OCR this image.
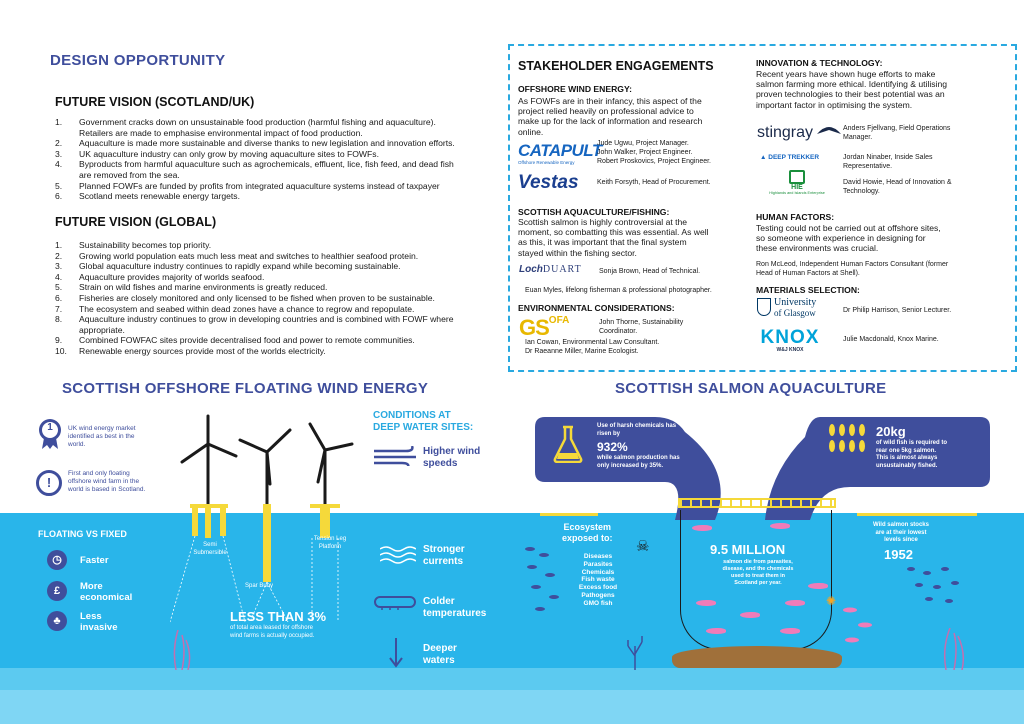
DESIGN OPPORTUNITY
FUTURE VISION (SCOTLAND/UK)
1.	Government cracks down on unsustainable food production (harmful fishing and aquaculture).
Retailers are made to emphasise environmental impact of food production.
2.	Aquaculture is made more sustainable and diverse thanks to new legislation and innovation efforts.
3.	UK aquaculture industry can only grow by moving aquaculture sites to FOWFs.
4.	Byproducts from harmful aquaculture such as agrochemicals, effluent, lice, fish feed, and dead fish
are removed from the sea.
5.	Planned FOWFs are funded by profits from integrated aquaculture systems instead of taxpayer
6.	Scotland meets renewable energy targets.
FUTURE VISION (GLOBAL)
1.	Sustainability becomes top priority.
2.	Growing world population eats much less meat and switches to healthier seafood protein.
3.	Global aquaculture industry continues to rapidly expand while becoming sustainable.
4.	Aquaculture provides majority of worlds seafood.
5.	Strain on wild fishes and marine environments is greatly reduced.
6.	Fisheries are closely monitored and only licensed to be fished when proven to be sustainable.
7.	The ecosystem and seabed within dead zones have a chance to regrow and repopulate.
8.	Aquaculture industry continues to grow in developing countries and is combined with FOWF where
appropriate.
9.	Combined FOWFAC sites provide decentralised food and power to remote communities.
10.	Renewable energy sources provide most of the worlds electricity.
STAKEHOLDER ENGAGEMENTS
OFFSHORE WIND ENERGY:
As FOWFs are in their infancy, this aspect of the
project relied heavily on professional advice to
make up for the lack of information and research
online.
CATAPULT
Offshore Renewable Energy
Jude Ugwu, Project Manager.
John Walker, Project Engineer.
Robert Proskovics, Project Engineer.
Vestas	Keith Forsyth, Head of Procurement.
SCOTTISH AQUACULTURE/FISHING:
Scottish salmon is highly controversial at the
moment, so combatting this was essential. As well
as this, it was important that the final system
stayed within the fishing sector.
LochDUART Sonja Brown, Head of Technical.
Euan Myles, lifelong fisherman & professional photographer.
ENVIRONMENTAL CONSIDERATIONS:
$GS^{OFA}$	John Thorne, Sustainability
Coordinator.
Ian Cowan, Environmental Law Consultant.
Dr Raeanne Miller, Marine Ecologist.
INNOVATION & TECHNOLOGY:
Recent years have shown huge efforts to make
salmon farming more ethical. Identifying & utilising
proven technologies to their best potential was an
important factor in optimising the system.
stingray	Anders Fjellvang, Field Operations
Manager.
▲ DEEP TREKKER	Jordan Ninaber, Inside Sales
Representative.
HIE
Highlands and Islands Enterprise
David Howie, Head of Innovation &
Technology.
HUMAN FACTORS:
Testing could not be carried out at offshore sites,
so someone with experience in designing for
these environments was crucial.
Ron McLeod, Independent Human Factors Consultant (former
Head of Human Factors at Shell).
MATERIALS SELECTION:
University
of Glasgow	Dr Philip Harrison, Senior Lecturer.
KNOX
W&J KNOX
Julie Macdonald, Knox Marine.
SCOTTISH OFFSHORE FLOATING WIND ENERGY	SCOTTISH SALMON AQUACULTURE
1	UK wind energy market
identified as best in the
world.
!
First and only floating
offshore wind farm in the
world is based in Scotland.
Semi
Submersible
Spar Buoy
Tension Leg
Platform
FLOATING VS FIXED
◷	Faster
£	More
economical
♣	Less
invasive
LESS THAN 3%
of total area leased for offshore
wind farms is actually occupied.
CONDITIONS AT
DEEP WATER SITES:
Higher wind
speeds
Larger
waves
Stronger
currents
Colder
temperatures
Deeper
waters
Use of harsh chemicals has
risen by
932%
while salmon production has
only increased by 35%.
20kg
of wild fish is required to
rear one 5kg salmon.
This is almost always
unsustainably fished.
Ecosystem
exposed to:
Diseases
Parasites
Chemicals
Fish waste
Excess food
Pathogens
GMO fish
☠	9.5 MILLION
salmon die from parasites,
disease, and the chemicals
used to treat them in
Scotland per year.
Wild salmon stocks
are at their lowest
levels since
1952
✺
